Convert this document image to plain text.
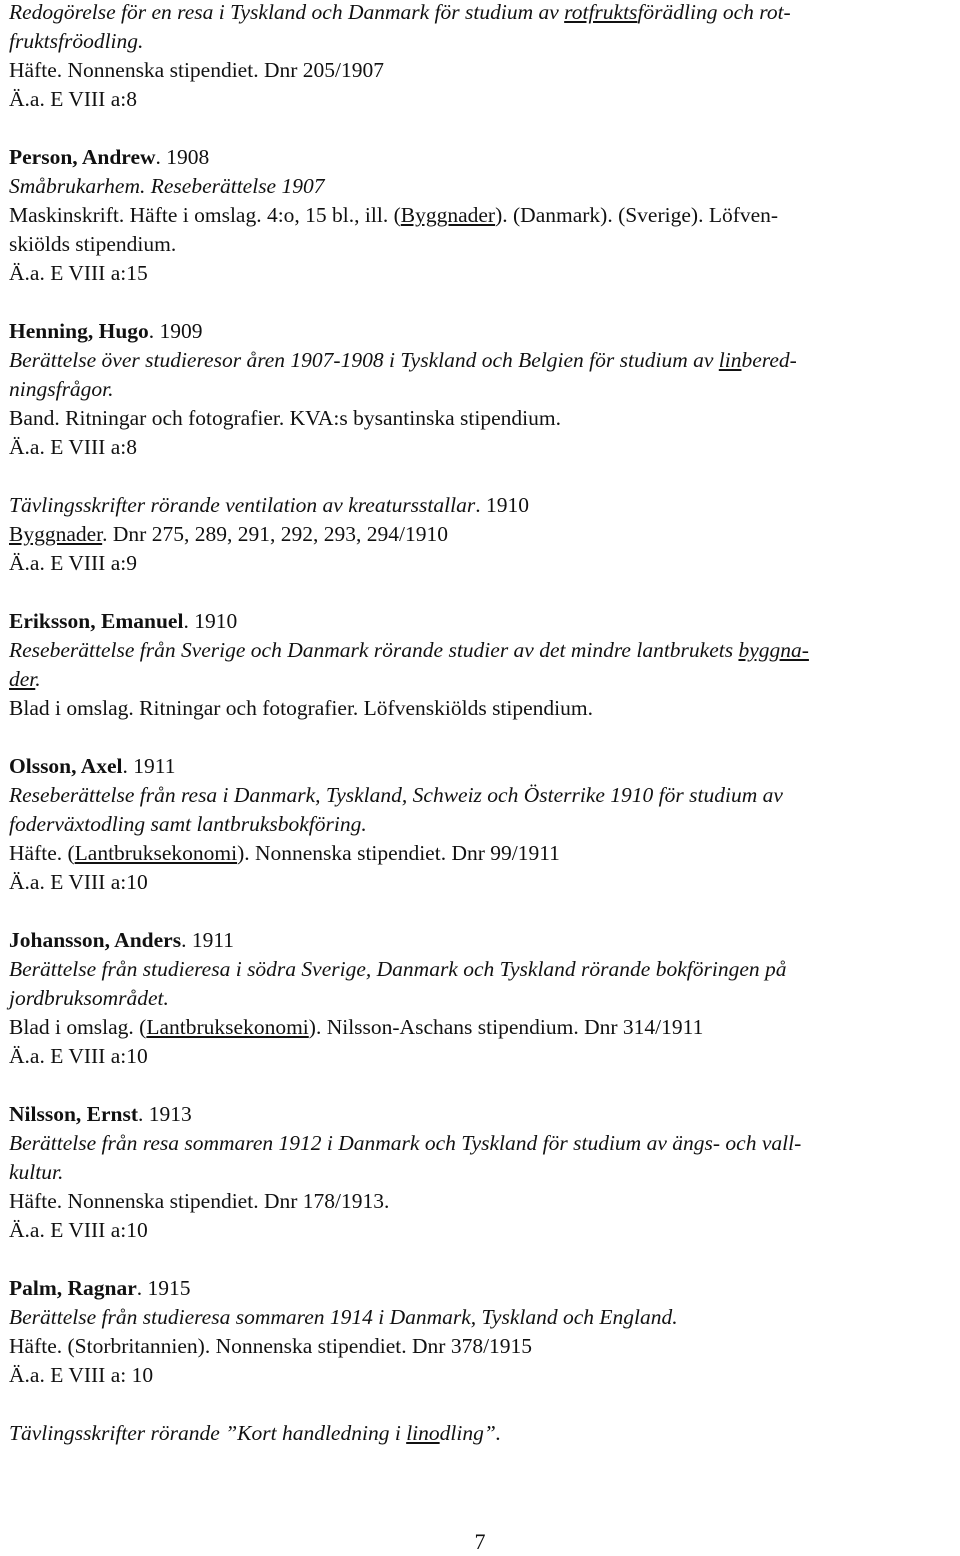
Redogörelse för en resa i Tyskland och Danmark för studium av rotfruktsförädling och rot-
fruktsfröodling.
Häfte. Nonnenska stipendiet. Dnr 205/1907
Ä.a. E VIII a:8
Person, Andrew. 1908
Småbrukarhem. Reseberättelse 1907
Maskinskrift. Häfte i omslag. 4:o, 15 bl., ill. (Byggnader). (Danmark). (Sverige). Löfven-
skiölds stipendium.
Ä.a. E VIII a:15
Henning, Hugo. 1909
Berättelse över studieresor åren 1907-1908 i Tyskland och Belgien för studium av linbered-
ningsfrågor.
Band. Ritningar och fotografier. KVA:s bysantinska stipendium.
Ä.a. E VIII a:8
Tävlingsskrifter rörande ventilation av kreatursstallar. 1910
Byggnader. Dnr 275, 289, 291, 292, 293, 294/1910
Ä.a. E VIII a:9
Eriksson, Emanuel. 1910
Reseberättelse från Sverige och Danmark rörande studier av det mindre lantbrukets byggna-
der.
Blad i omslag. Ritningar och fotografier. Löfvenskiölds stipendium.
Olsson, Axel. 1911
Reseberättelse från resa i Danmark, Tyskland, Schweiz och Österrike 1910 för studium av
foderväxtodling samt lantbruksbokföring.
Häfte. (Lantbruksekonomi). Nonnenska stipendiet. Dnr 99/1911
Ä.a. E VIII a:10
Johansson, Anders. 1911
Berättelse från studieresa i södra Sverige, Danmark och Tyskland rörande bokföringen på
jordbruksområdet.
Blad i omslag. (Lantbruksekonomi). Nilsson-Aschans stipendium. Dnr 314/1911
Ä.a. E VIII a:10
Nilsson, Ernst. 1913
Berättelse från resa sommaren 1912 i Danmark och Tyskland för studium av ängs- och vall-
kultur.
Häfte. Nonnenska stipendiet. Dnr 178/1913.
Ä.a. E VIII a:10
Palm, Ragnar. 1915
Berättelse från studieresa sommaren 1914 i Danmark, Tyskland och England.
Häfte. (Storbritannien). Nonnenska stipendiet. Dnr 378/1915
Ä.a. E VIII a: 10
Tävlingsskrifter rörande ”Kort handledning i linodling”.
7
